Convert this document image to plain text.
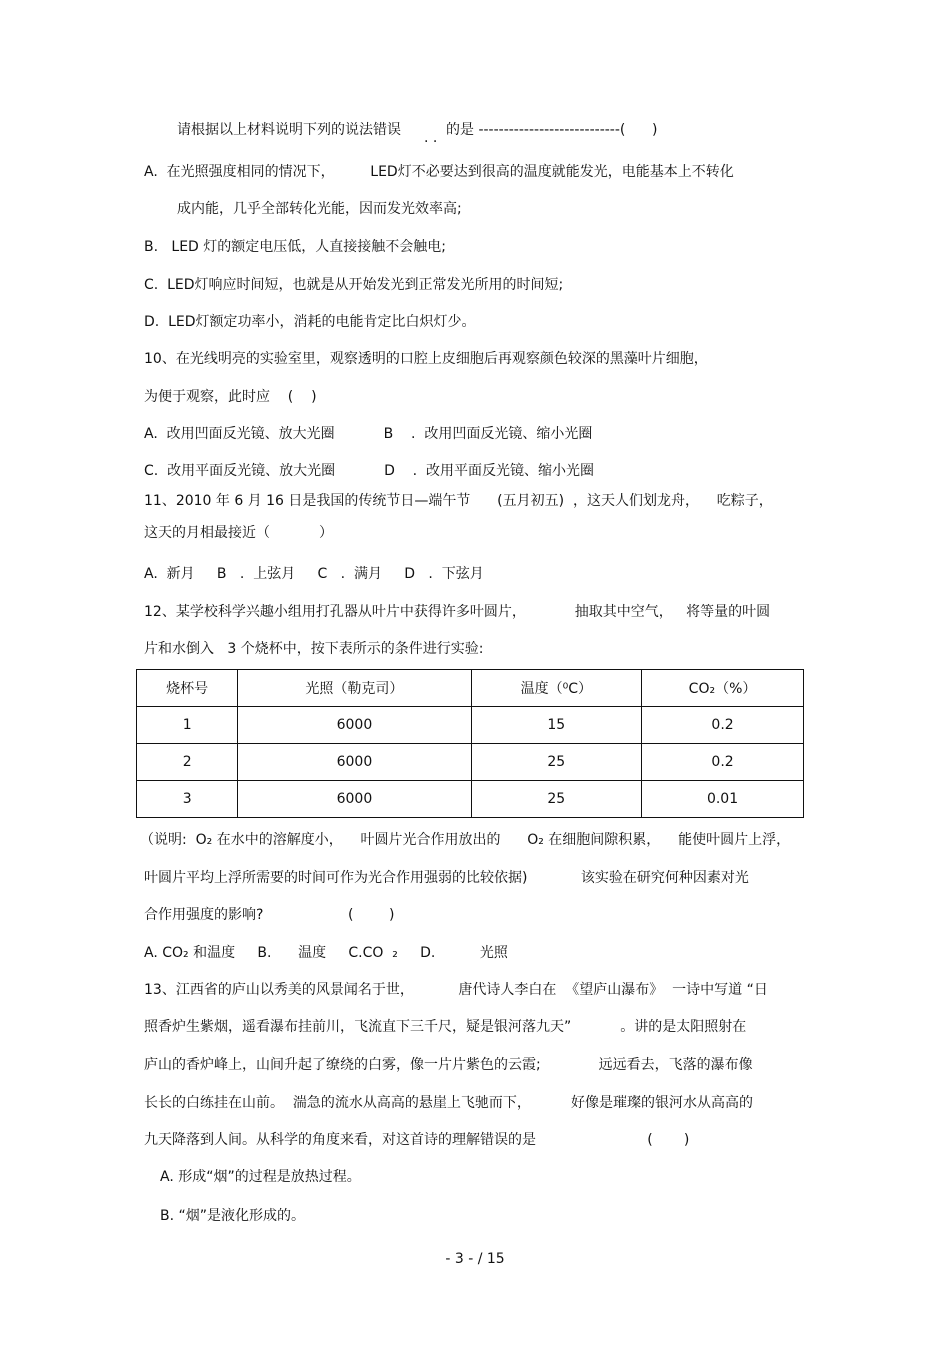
请根据以上材料说明下列的说法错误 . . 的是 ----------------------------(      )
A.  在光照强度相同的情况下，        LED灯不必要达到很高的温度就能发光，电能基本上不转化
成内能，几乎全部转化光能，因而发光效率高;
B.   LED 灯的额定电压低，人直接接触不会触电;
C.  LED灯响应时间短，也就是从开始发光到正常发光所用的时间短;
D.  LED灯额定功率小，消耗的电能肯定比白炽灯少。
10、在光线明亮的实验室里，观察透明的口腔上皮细胞后再观察颜色较深的黑藻叶片细胞，
为便于观察，此时应    (    )
A.  改用凹面反光镜、放大光圈           B    .  改用凹面反光镜、缩小光圈
C.  改用平面反光镜、放大光圈           D    .  改用平面反光镜、缩小光圈
11、2010 年 6 月 16 日是我国的传统节日—端午节      (五月初五)  ，这天人们划龙舟，    吃粽子，
这天的月相最接近（           ）
A.  新月     B   .  上弦月     C   .  满月     D   .  下弦月
12、某学校科学兴趣小组用打孔器从叶片中获得许多叶圆片，           抽取其中空气，   将等量的叶圆
片和水倒入   3 个烧杯中，按下表所示的条件进行实验:
烧杯号	光照（勒克司）	温度（⁰C）	CO₂（%）
1	6000	15	0.2
2	6000	25	0.2
3	6000	25	0.01
（说明:  O₂ 在水中的溶解度小，    叶圆片光合作用放出的      O₂ 在细胞间隙积累，    能使叶圆片上浮，
叶圆片平均上浮所需要的时间可作为光合作用强弱的比较依据)            该实验在研究何种因素对光
合作用强度的影响?                   (        )
A. CO₂ 和温度     B.      温度     C.CO  ₂     D.          光照
13、江西省的庐山以秀美的风景闻名于世，          唐代诗人李白在  《望庐山瀑布》  一诗中写道 “日
照香炉生紫烟，遥看瀑布挂前川，飞流直下三千尺，疑是银河落九天”           。讲的是太阳照射在
庐山的香炉峰上，山间升起了缭绕的白雾，像一片片紫色的云霞;             远远看去，飞落的瀑布像
长长的白练挂在山前。  湍急的流水从高高的悬崖上飞驰而下，         好像是璀璨的银河水从高高的
九天降落到人间。从科学的角度来看，对这首诗的理解错误的是                         (       )
A. 形成“烟”的过程是放热过程。
B. “烟”是液化形成的。
- 3 - / 15
